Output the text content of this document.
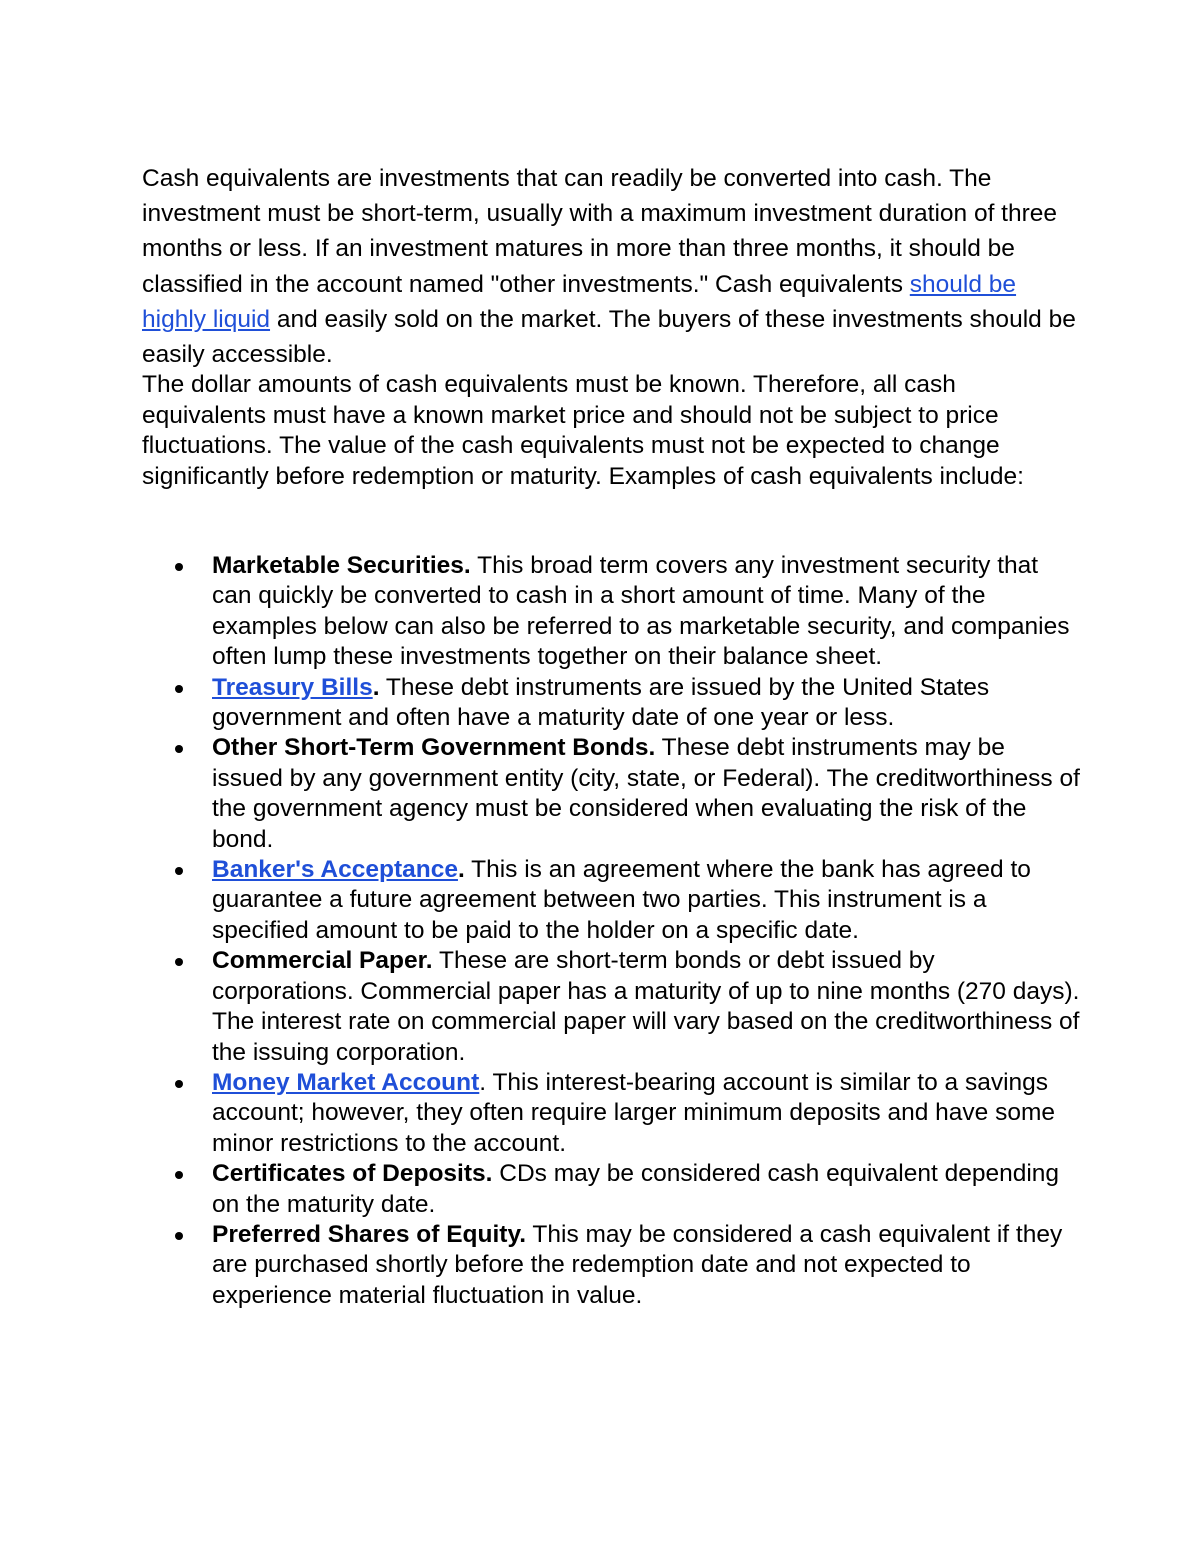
Cash equivalents are investments that can readily be converted into cash. The investment must be short-term, usually with a maximum investment duration of three months or less. If an investment matures in more than three months, it should be classified in the account named "other investments." Cash equivalents should be highly liquid and easily sold on the market. The buyers of these investments should be easily accessible.

The dollar amounts of cash equivalents must be known. Therefore, all cash equivalents must have a known market price and should not be subject to price fluctuations. The value of the cash equivalents must not be expected to change significantly before redemption or maturity. Examples of cash equivalents include:

Marketable Securities. This broad term covers any investment security that can quickly be converted to cash in a short amount of time. Many of the examples below can also be referred to as marketable security, and companies often lump these investments together on their balance sheet.
Treasury Bills. These debt instruments are issued by the United States government and often have a maturity date of one year or less.
Other Short-Term Government Bonds. These debt instruments may be issued by any government entity (city, state, or Federal). The creditworthiness of the government agency must be considered when evaluating the risk of the bond.
Banker's Acceptance. This is an agreement where the bank has agreed to guarantee a future agreement between two parties. This instrument is a specified amount to be paid to the holder on a specific date.
Commercial Paper. These are short-term bonds or debt issued by corporations. Commercial paper has a maturity of up to nine months (270 days). The interest rate on commercial paper will vary based on the creditworthiness of the issuing corporation.
Money Market Account. This interest-bearing account is similar to a savings account; however, they often require larger minimum deposits and have some minor restrictions to the account.
Certificates of Deposits. CDs may be considered cash equivalent depending on the maturity date.
Preferred Shares of Equity. This may be considered a cash equivalent if they are purchased shortly before the redemption date and not expected to experience material fluctuation in value.
